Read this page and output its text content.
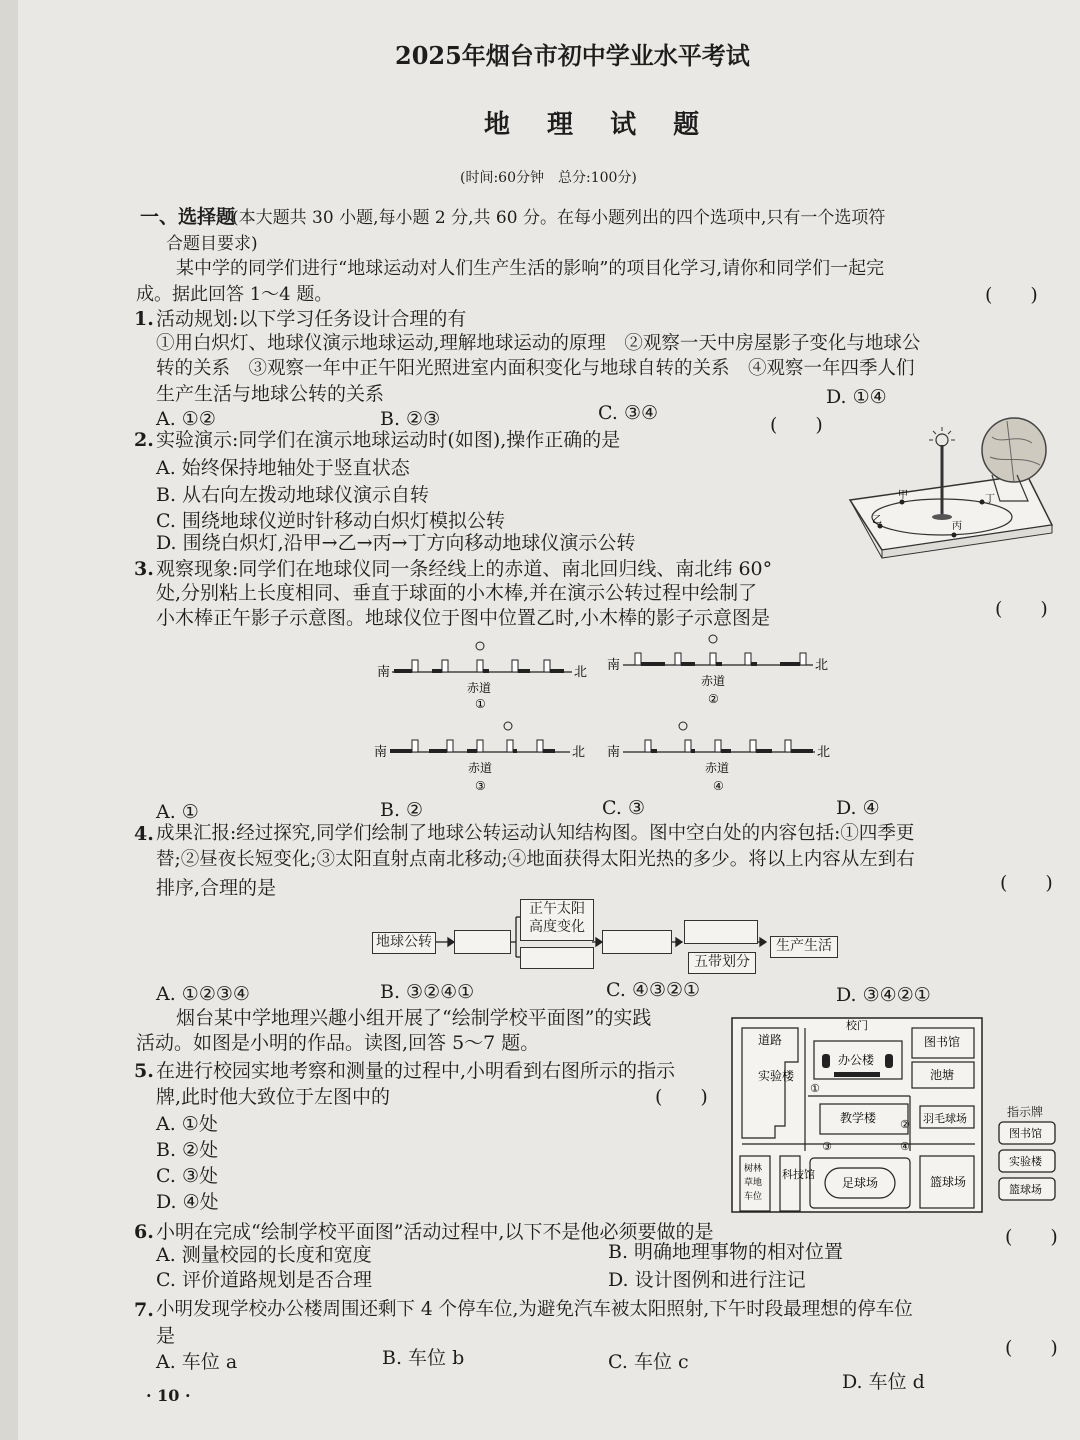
2025年烟台市初中学业水平考试
地 理 试 题
(时间:60分钟　总分:100分)
一、选择题
(本大题共 30 小题,每小题 2 分,共 60 分。在每小题列出的四个选项中,只有一个选项符
合题目要求)
某中学的同学们进行“地球运动对人们生产生活的影响”的项目化学习,请你和同学们一起完
成。据此回答 1～4 题。	(　　)
1. 活动规划:以下学习任务设计合理的有
①用白炽灯、地球仪演示地球运动,理解地球运动的原理　②观察一天中房屋影子变化与地球公
转的关系　③观察一年中正午阳光照进室内面积变化与地球自转的关系　④观察一年四季人们
生产生活与地球公转的关系
A. ①②	B. ②③	C. ③④
D. ①④
(　　)
2. 实验演示:同学们在演示地球运动时(如图),操作正确的是
A. 始终保持地轴处于竖直状态
B. 从右向左拨动地球仪演示自转
C. 围绕地球仪逆时针移动白炽灯模拟公转
D. 围绕白炽灯,沿甲→乙→丙→丁方向移动地球仪演示公转
甲
乙
丙
丁
3. 观察现象:同学们在地球仪同一条经线上的赤道、南北回归线、南北纬 60°
处,分别粘上长度相同、垂直于球面的小木棒,并在演示公转过程中绘制了
小木棒正午影子示意图。地球仪位于图中位置乙时,小木棒的影子示意图是	(　　)
南	北
赤道
①
南	北
赤道
②
南	北
赤道
③
南	北
赤道
④
A. ①	B. ②	C. ③	D. ④
4. 成果汇报:经过探究,同学们绘制了地球公转运动认知结构图。图中空白处的内容包括:①四季更
替;②昼夜长短变化;③太阳直射点南北移动;④地面获得太阳光热的多少。将以上内容从左到右
排序,合理的是	(　　)
地球公转
正午太阳
高度变化
五带划分
生产生活
A. ①②③④	B. ③②④①	C. ④③②①	D. ③④②①
烟台某中学地理兴趣小组开展了“绘制学校平面图”的实践
活动。如图是小明的作品。读图,回答 5～7 题。
5. 在进行校园实地考察和测量的过程中,小明看到右图所示的指示
牌,此时他大致位于左图中的	(　　)
A. ①处
B. ②处
C. ③处
D. ④处
道路
校门
办公楼
图书馆
池塘
实验楼
教学楼	羽毛球场
足球场	篮球场
科技馆
树林
草地
车位
①
②
③	④
指示牌
图书馆
实验楼
篮球场
6. 小明在完成“绘制学校平面图”活动过程中,以下不是他必须要做的是	(　　)
A. 测量校园的长度和宽度	B. 明确地理事物的相对位置
C. 评价道路规划是否合理	D. 设计图例和进行注记
7. 小明发现学校办公楼周围还剩下 4 个停车位,为避免汽车被太阳照射,下午时段最理想的停车位
是
(　　)
A. 车位 a	B. 车位 b	C. 车位 c
D. 车位 d
· 10 ·
